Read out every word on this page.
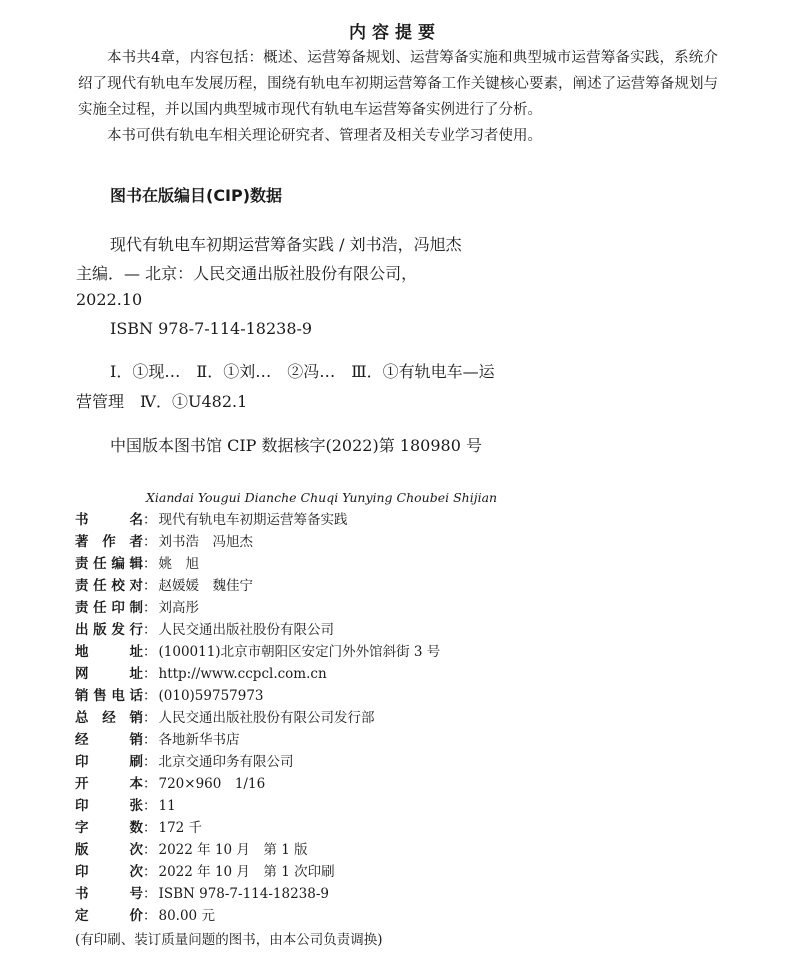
内容提要
本书共4章，内容包括：概述、运营筹备规划、运营筹备实施和典型城市运营筹备实践，系统介绍了现代有轨电车发展历程，围绕有轨电车初期运营筹备工作关键核心要素，阐述了运营筹备规划与实施全过程，并以国内典型城市现代有轨电车运营筹备实例进行了分析。
本书可供有轨电车相关理论研究者、管理者及相关专业学习者使用。
图书在版编目(CIP)数据
现代有轨电车初期运营筹备实践 / 刘书浩，冯旭杰
主编．— 北京：人民交通出版社股份有限公司，
2022.10
ISBN 978-7-114-18238-9
Ⅰ．①现…　Ⅱ．①刘…　②冯…　Ⅲ．①有轨电车—运
营管理　Ⅳ．①U482.1
中国版本图书馆 CIP 数据核字(2022)第 180980 号
Xiandai Yougui Dianche Chuqi Yunying Choubei Shijian
书名： 现代有轨电车初期运营筹备实践
著作者： 刘书浩　冯旭杰
责任编辑： 姚　旭
责任校对： 赵媛媛　魏佳宁
责任印制： 刘高彤
出版发行： 人民交通出版社股份有限公司
地址： (100011)北京市朝阳区安定门外外馆斜街 3 号
网址： http://www.ccpcl.com.cn
销售电话： (010)59757973
总经销： 人民交通出版社股份有限公司发行部
经销： 各地新华书店
印刷： 北京交通印务有限公司
开本： 720×960　1/16
印张： 11
字数： 172 千
版次： 2022 年 10 月　第 1 版
印次： 2022 年 10 月　第 1 次印刷
书号： ISBN 978-7-114-18238-9
定价： 80.00 元
(有印刷、装订质量问题的图书，由本公司负责调换)
